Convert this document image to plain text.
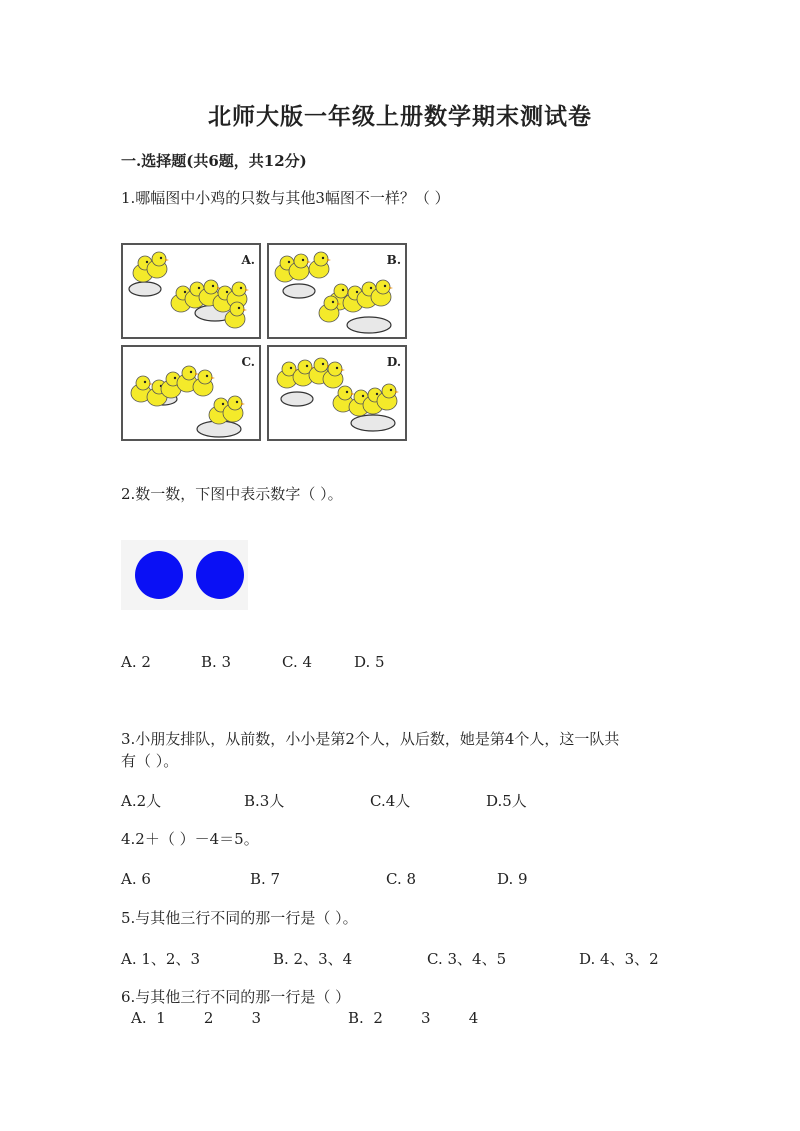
北师大版一年级上册数学期末测试卷
一.选择题(共6题，共12分)
1.哪幅图中小鸡的只数与其他3幅图不一样？（ ）
A.	B.
C.	D.
2.数一数，下图中表示数字（ ）。
A. 2	B. 3	C. 4	D. 5
3.小朋友排队，从前数，小小是第2个人，从后数，她是第4个人，这一队共
有（ ）。
A.2人	B.3人	C.4人	D.5人
4.2＋（ ）－4＝5。
A. 6	B. 7	C. 8	D. 9
5.与其他三行不同的那一行是（ ）。
A. 1、2、3	B. 2、3、4	C. 3、4、5	D. 4、3、2
6.与其他三行不同的那一行是（ ）
A.  1        2        3	B.  2        3        4
